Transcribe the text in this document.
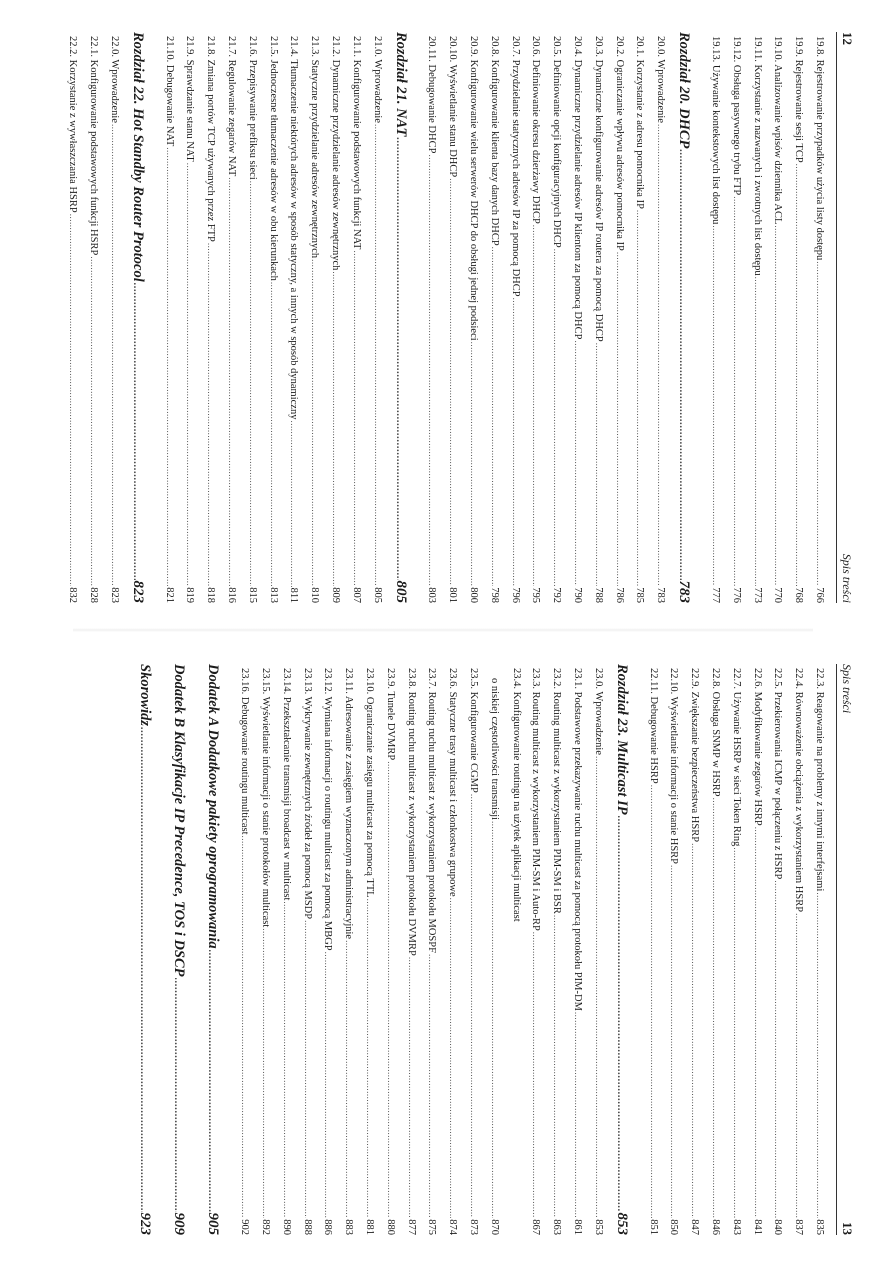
12
Spis treści
19.8. Rejestrowanie przypadków użycia listy dostępu
.....
766
19.9. Rejestrowanie sesji TCP
.....
768
19.10. Analizowanie wpisów dziennika ACL
.....
770
19.11. Korzystanie z nazwanych i zwrotnych list dostępu
.....
773
19.12. Obsługa pasywnego trybu FTP
.....
776
19.13. Używanie kontekstowych list dostępu
.....
777
Rozdział 20. DHCP
.....
783
20.0. Wprowadzenie
.....
783
20.1. Korzystanie z adresu pomocnika IP
.....
785
20.2. Ograniczanie wpływu adresów pomocnika IP
.....
786
20.3. Dynamiczne konfigurowanie adresów IP routera za pomocą DHCP
.....
788
20.4. Dynamiczne przydzielanie adresów IP klientom za pomocą DHCP
.....
790
20.5. Definiowanie opcji konfiguracyjnych DHCP
.....
792
20.6. Definiowanie okresu dzierżawy DHCP
.....
795
20.7. Przydzielanie statycznych adresów IP za pomocą DHCP
.....
796
20.8. Konfigurowanie klienta bazy danych DHCP
.....
798
20.9. Konfigurowanie wielu serwerów DHCP do obsługi jednej podsieci
.....
800
20.10. Wyświetlanie stanu DHCP
.....
801
20.11. Debugowanie DHCP
.....
803
Rozdział 21. NAT
.....
805
21.0. Wprowadzenie
.....
805
21.1. Konfigurowanie podstawowych funkcji NAT
.....
807
21.2. Dynamiczne przydzielanie adresów zewnętrznych
.....
809
21.3. Statyczne przydzielanie adresów zewnętrznych
.....
810
21.4. Tłumaczenie niektórych adresów w sposób statyczny, a innych w sposób dynamiczny
.....
811
21.5. Jednoczesne tłumaczenie adresów w obu kierunkach
.....
813
21.6. Przepisywanie prefiksu sieci
.....
815
21.7. Regulowanie zegarów NAT
.....
816
21.8. Zmiana portów TCP używanych przez FTP
.....
818
21.9. Sprawdzanie stanu NAT
.....
819
21.10. Debugowanie NAT
.....
821
Rozdział 22. Hot Standby Router Protocol
.....
823
22.0. Wprowadzenie
.....
823
22.1. Konfigurowanie podstawowych funkcji HSRP
.....
828
22.2. Korzystanie z wywłaszczania HSRP
.....
832
Spis treści
13
22.3. Reagowanie na problemy z innymi interfejsami
.....
835
22.4. Równoważenie obciążenia z wykorzystaniem HSRP
.....
837
22.5. Przekierowania ICMP w połączeniu z HSRP
.....
840
22.6. Modyfikowanie zegarów HSRP
.....
841
22.7. Używanie HSRP w sieci Token Ring
.....
843
22.8. Obsługa SNMP w HSRP
.....
846
22.9. Zwiększanie bezpieczeństwa HSRP
.....
847
22.10. Wyświetlanie informacji o stanie HSRP
.....
850
22.11. Debugowanie HSRP
.....
851
Rozdział 23. Multicast IP
.....
853
23.0. Wprowadzenie
.....
853
23.1. Podstawowe przekazywanie ruchu multicast za pomocą protokołu PIM-DM
.....
861
23.2. Routing multicast z wykorzystaniem PIM-SM i BSR
.....
863
23.3. Routing multicast z wykorzystaniem PIM-SM i Auto-RP
.....
867
23.4. Konfigurowanie routingu na użytek aplikacji multicast
o niskiej częstotliwości transmisji
.....
870
23.5. Konfigurowanie CGMP
.....
873
23.6. Statyczne trasy multicast i członkostwa grupowe
.....
874
23.7. Routing ruchu multicast z wykorzystaniem protokołu MOSPF
.....
875
23.8. Routing ruchu multicast z wykorzystaniem protokołu DVMRP
.....
877
23.9. Tunele DVMRP
.....
880
23.10. Ograniczanie zasięgu multicast za pomocą TTL
.....
881
23.11. Adresowanie z zasięgiem wyznaczonym administracyjnie
.....
883
23.12. Wymiana informacji o routingu multicast za pomocą MBGP
.....
886
23.13. Wykrywanie zewnętrznych źródeł za pomocą MSDP
.....
888
23.14. Przekształcanie transmisji broadcast w multicast
.....
890
23.15. Wyświetlanie informacji o stanie protokołów multicast
.....
892
23.16. Debugowanie routingu multicast
.....
902
Dodatek A Dodatkowe pakiety oprogramowania
.....
905
Dodatek B Klasyfikacje IP Precedence, TOS i DSCP
.....
909
Skorowidz
.....
923
